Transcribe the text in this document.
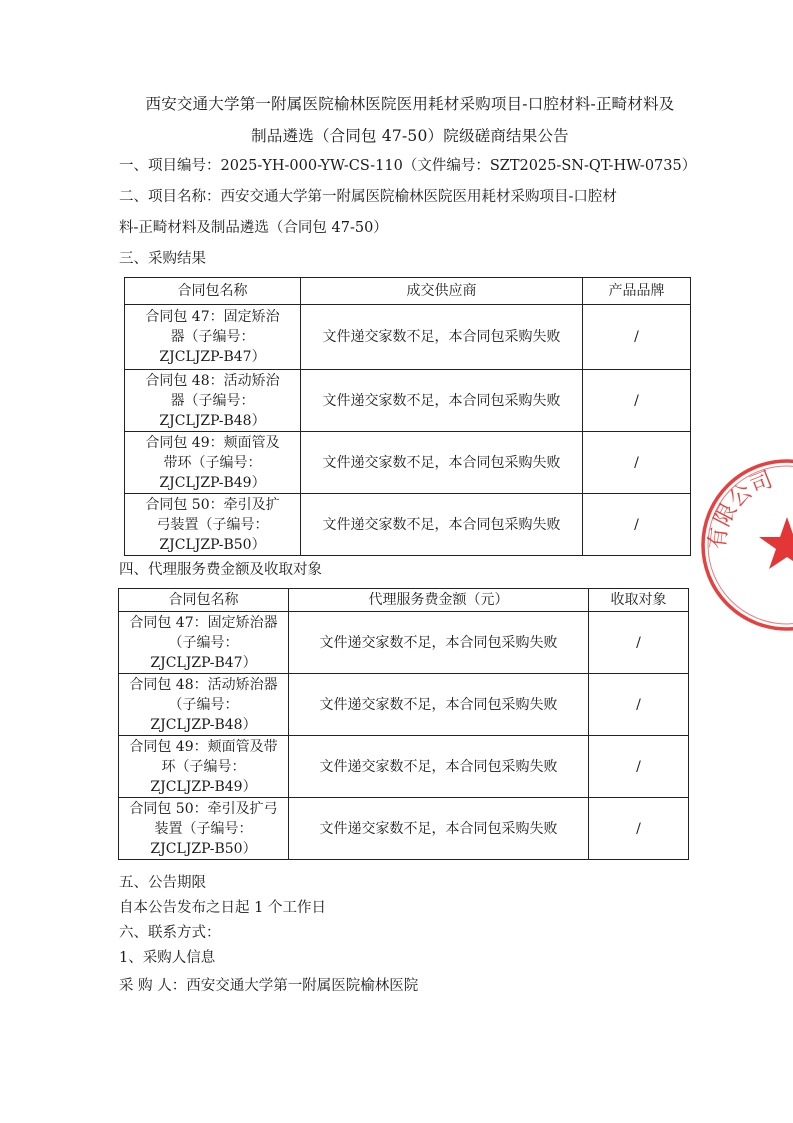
西安交通大学第一附属医院榆林医院医用耗材采购项目-口腔材料-正畸材料及
制品遴选（合同包 47-50）院级磋商结果公告
一、项目编号：2025-YH-000-YW-CS-110（文件编号：SZT2025-SN-QT-HW-0735）
二、项目名称：西安交通大学第一附属医院榆林医院医用耗材采购项目-口腔材
料-正畸材料及制品遴选（合同包 47-50）
三、采购结果
合同包名称	成交供应商	产品品牌

合同包 47：固定矫治
器（子编号：
ZJCLJZP-B47）	文件递交家数不足，本合同包采购失败	/

合同包 48：活动矫治
器（子编号：
ZJCLJZP-B48）	文件递交家数不足，本合同包采购失败	/

合同包 49：颊面管及
带环（子编号：
ZJCLJZP-B49）	文件递交家数不足，本合同包采购失败	/

合同包 50：牵引及扩
弓装置（子编号：
ZJCLJZP-B50）	文件递交家数不足，本合同包采购失败	/
四、代理服务费金额及收取对象
合同包名称	代理服务费金额（元）	收取对象

合同包 47：固定矫治器
（子编号：
ZJCLJZP-B47）	文件递交家数不足，本合同包采购失败	/

合同包 48：活动矫治器
（子编号：
ZJCLJZP-B48）	文件递交家数不足，本合同包采购失败	/

合同包 49：颊面管及带
环（子编号：
ZJCLJZP-B49）	文件递交家数不足，本合同包采购失败	/

合同包 50：牵引及扩弓
装置（子编号：
ZJCLJZP-B50）	文件递交家数不足，本合同包采购失败	/
五、公告期限
自本公告发布之日起 1 个工作日
六、联系方式：
1、采购人信息
采 购 人：西安交通大学第一附属医院榆林医院
有限公司
